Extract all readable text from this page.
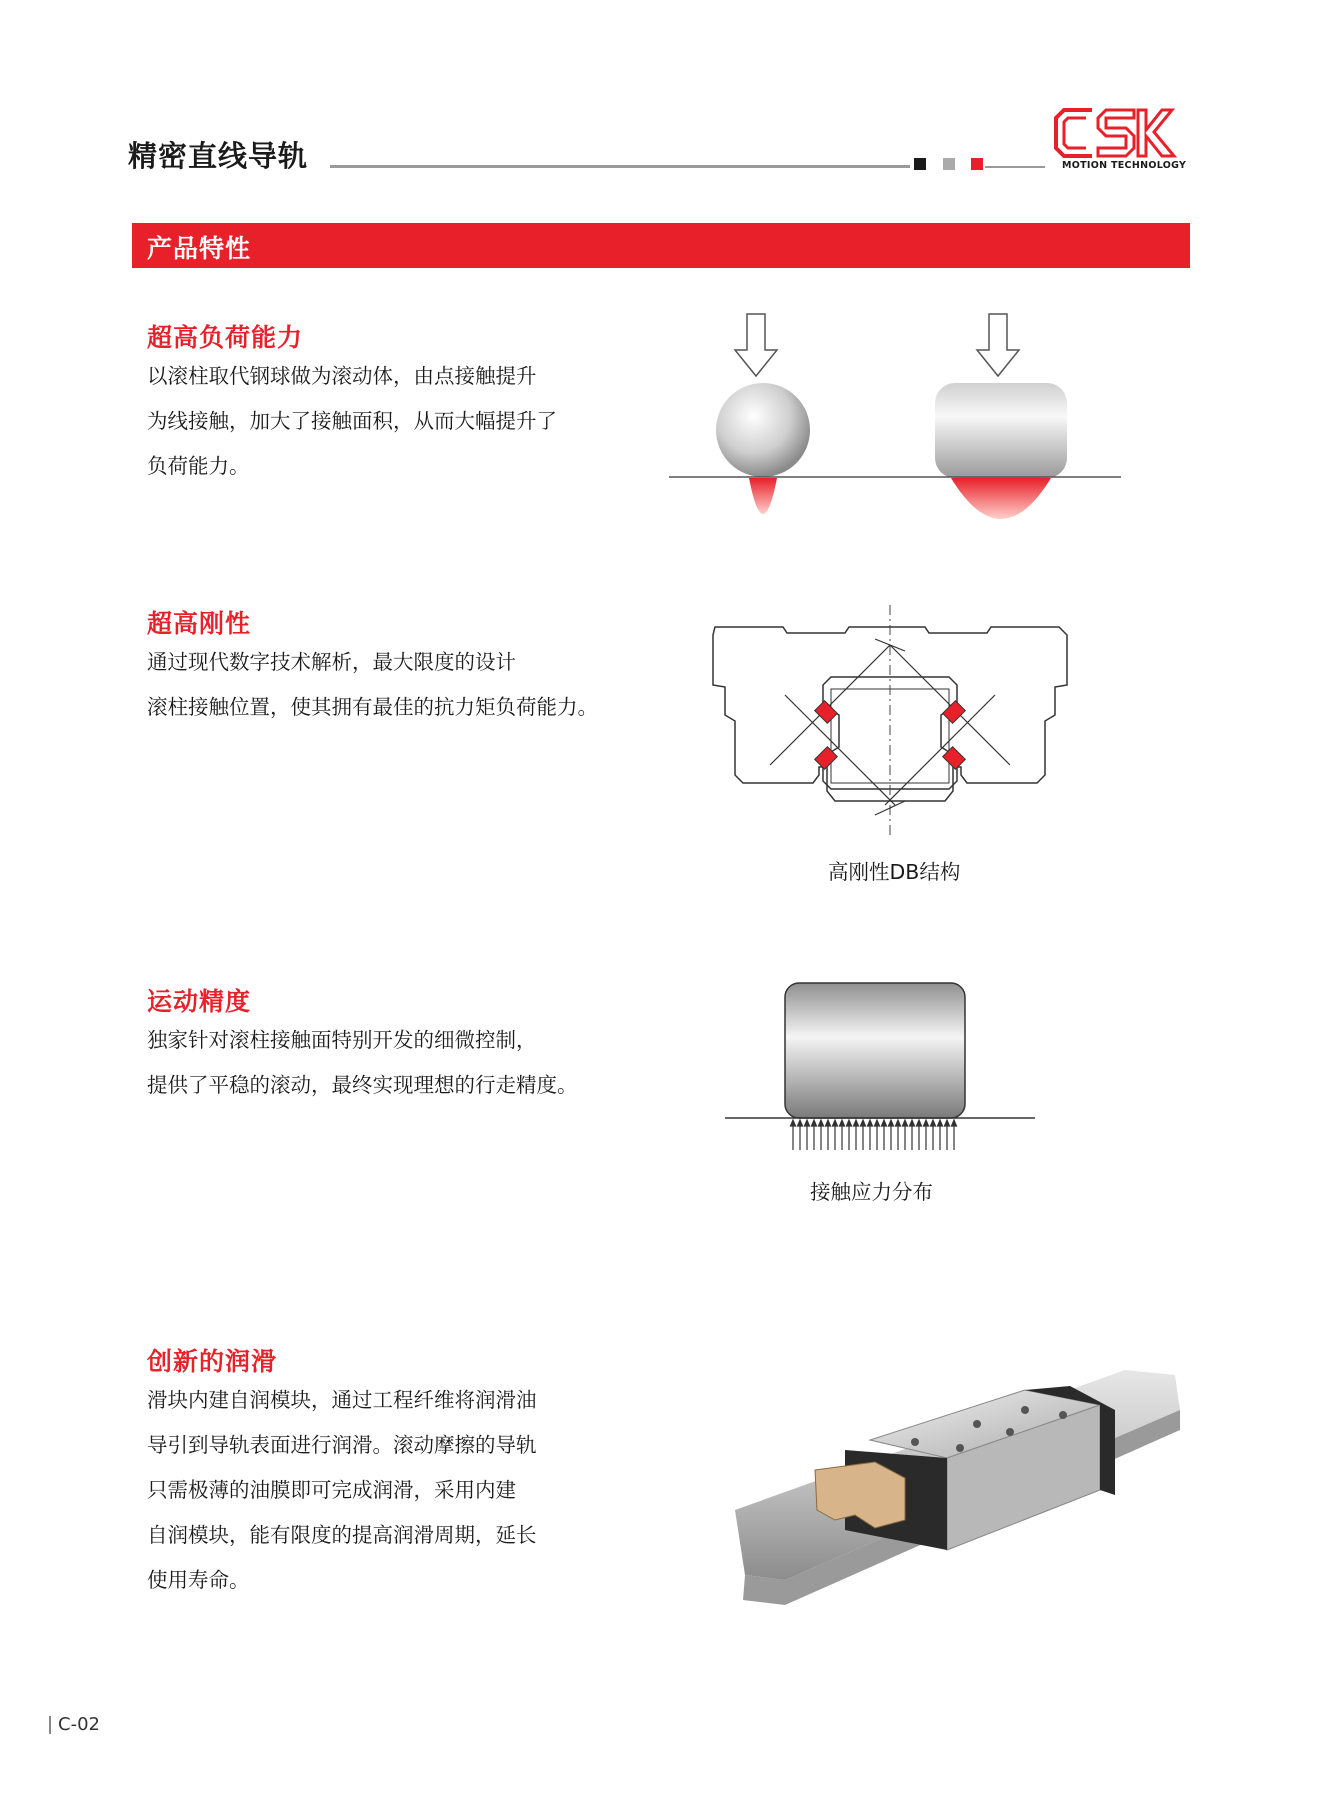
精密直线导轨	MOTION TECHNOLOGY
产品特性
超高负荷能力
以滚柱取代钢球做为滚动体，由点接触提升
为线接触，加大了接触面积，从而大幅提升了
负荷能力。
超高刚性
通过现代数字技术解析，最大限度的设计
滚柱接触位置，使其拥有最佳的抗力矩负荷能力。
高刚性DB结构
运动精度
独家针对滚柱接触面特别开发的细微控制，
提供了平稳的滚动，最终实现理想的行走精度。
接触应力分布
创新的润滑
滑块内建自润模块，通过工程纤维将润滑油
导引到导轨表面进行润滑。滚动摩擦的导轨
只需极薄的油膜即可完成润滑，采用内建
自润模块，能有限度的提高润滑周期，延长
使用寿命。
C-02
